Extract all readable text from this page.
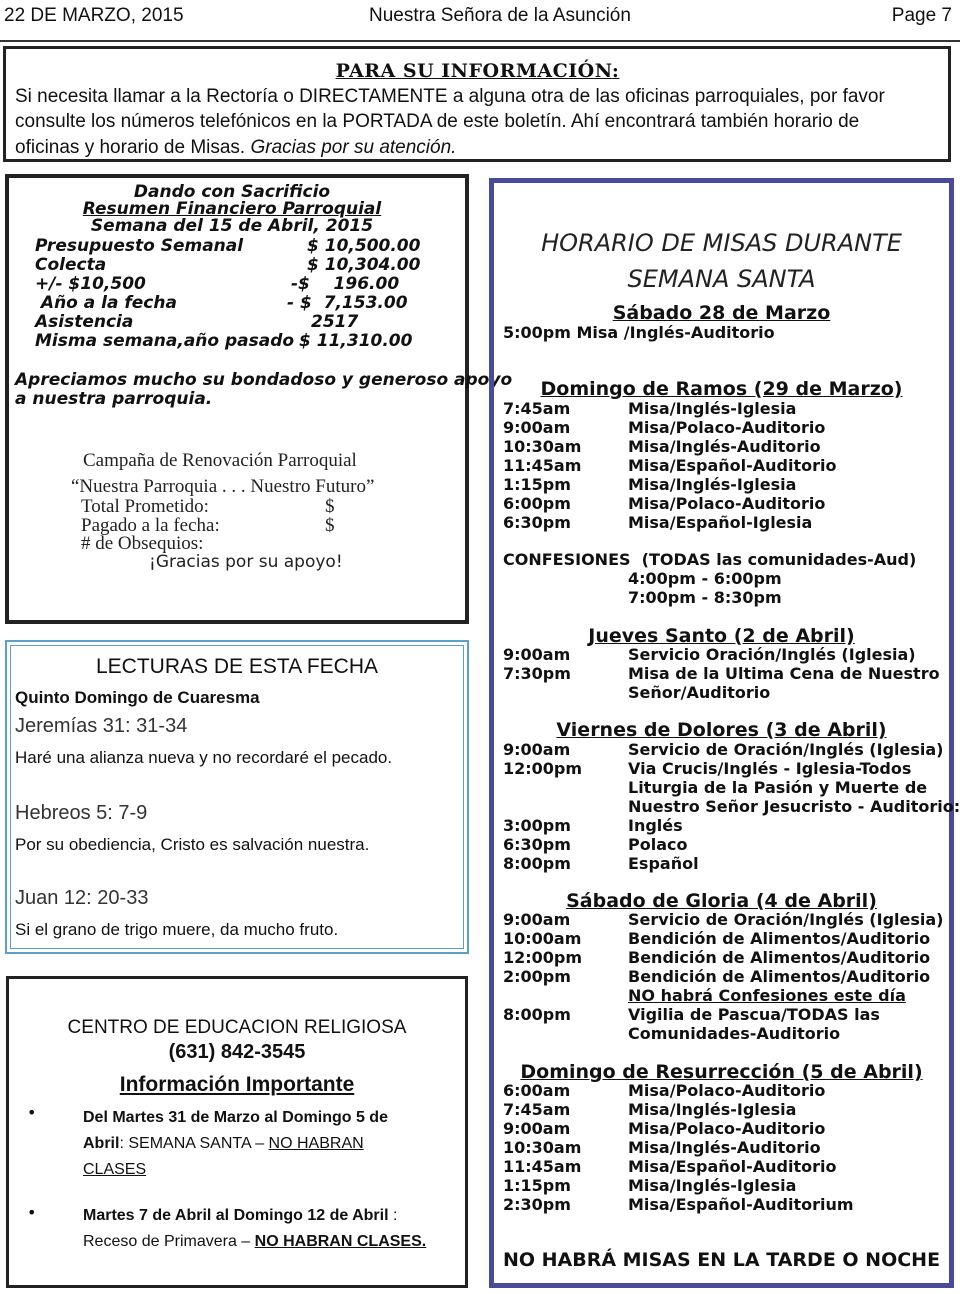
22 DE MARZO, 2015	Nuestra Señora de la Asunción	Page 7
PARA SU INFORMACIÓN:
Si necesita llamar a la Rectoría o DIRECTAMENTE a alguna otra de las oficinas parroquiales, por favor
consulte los números telefónicos en la PORTADA de este boletín. Ahí encontrará también horario de
oficinas y horario de Misas. Gracias por su atención.
Dando con Sacrificio
Resumen Financiero Parroquial
Semana del 15 de Abril, 2015
Presupuesto Semanal	$ 10,500.00
Colecta	$ 10,304.00
+/- $10,500	-$    196.00
Año a la fecha	- $  7,153.00
Asistencia	2517
Misma semana,año pasado $ 11,310.00
Apreciamos mucho su bondadoso y generoso apoyo
a nuestra parroquia.
Campaña de Renovación Parroquial
“Nuestra Parroquia . . . Nuestro Futuro”
Total Prometido:	$
Pagado a la fecha:	$
# de Obsequios:
¡Gracias por su apoyo!
LECTURAS DE ESTA FECHA
Quinto Domingo de Cuaresma
Jeremías 31: 31-34
Haré una alianza nueva y no recordaré el pecado.
Hebreos 5: 7-9
Por su obediencia, Cristo es salvación nuestra.
Juan 12: 20-33
Si el grano de trigo muere, da mucho fruto.
CENTRO DE EDUCACION RELIGIOSA
(631) 842-3545
Información Importante
•	Del Martes 31 de Marzo al Domingo 5 de
Abril: SEMANA SANTA – NO HABRAN
CLASES
•	Martes 7 de Abril al Domingo 12 de Abril :
Receso de Primavera – NO HABRAN CLASES.
HORARIO DE MISAS DURANTE
SEMANA SANTA
Sábado 28 de Marzo
5:00pm Misa /Inglés-Auditorio
Domingo de Ramos (29 de Marzo)
7:45am	Misa/Inglés-Iglesia
9:00am	Misa/Polaco-Auditorio
10:30am	Misa/Inglés-Auditorio
11:45am	Misa/Español-Auditorio
1:15pm	Misa/Inglés-Iglesia
6:00pm	Misa/Polaco-Auditorio
6:30pm	Misa/Español-Iglesia
CONFESIONES (TODAS las comunidades-Aud)
4:00pm - 6:00pm
7:00pm - 8:30pm
Jueves Santo (2 de Abril)
9:00am	Servicio Oración/Inglés (Iglesia)
7:30pm	Misa de la Ultima Cena de Nuestro
Señor/Auditorio
Viernes de Dolores (3 de Abril)
9:00am	Servicio de Oración/Inglés (Iglesia)
12:00pm	Via Crucis/Inglés - Iglesia-Todos
Liturgia de la Pasión y Muerte de
Nuestro Señor Jesucristo - Auditorio:
3:00pm	Inglés
6:30pm	Polaco
8:00pm	Español
Sábado de Gloria (4 de Abril)
9:00am	Servicio de Oración/Inglés (Iglesia)
10:00am	Bendición de Alimentos/Auditorio
12:00pm	Bendición de Alimentos/Auditorio
2:00pm	Bendición de Alimentos/Auditorio
NO habrá Confesiones este día
8:00pm	Vigilia de Pascua/TODAS las
Comunidades-Auditorio
Domingo de Resurrección (5 de Abril)
6:00am	Misa/Polaco-Auditorio
7:45am	Misa/Inglés-Iglesia
9:00am	Misa/Polaco-Auditorio
10:30am	Misa/Inglés-Auditorio
11:45am	Misa/Español-Auditorio
1:15pm	Misa/Inglés-Iglesia
2:30pm	Misa/Español-Auditorium
NO HABRÁ MISAS EN LA TARDE O NOCHE
